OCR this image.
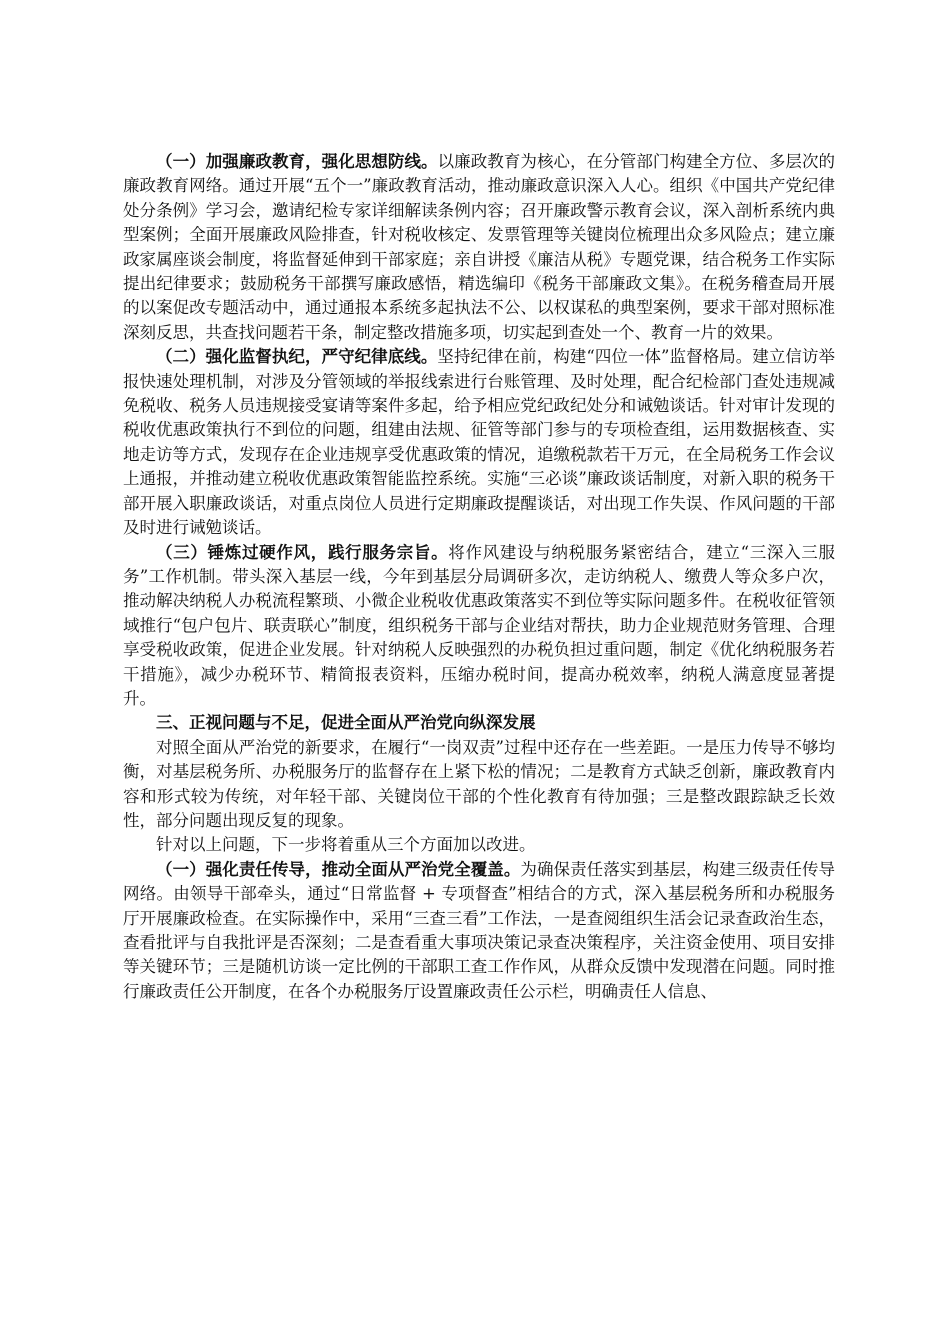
（一）加强廉政教育，强化思想防线。以廉政教育为核心，在分管部门构建全方位、多层次的廉政教育网络。通过开展“五个一”廉政教育活动，推动廉政意识深入人心。组织《中国共产党纪律处分条例》学习会，邀请纪检专家详细解读条例内容；召开廉政警示教育会议，深入剖析系统内典型案例；全面开展廉政风险排查，针对税收核定、发票管理等关键岗位梳理出众多风险点；建立廉政家属座谈会制度，将监督延伸到干部家庭；亲自讲授《廉洁从税》专题党课，结合税务工作实际提出纪律要求；鼓励税务干部撰写廉政感悟，精选编印《税务干部廉政文集》。在税务稽查局开展的以案促改专题活动中，通过通报本系统多起执法不公、以权谋私的典型案例，要求干部对照标准深刻反思，共查找问题若干条，制定整改措施多项，切实起到查处一个、教育一片的效果。

（二）强化监督执纪，严守纪律底线。坚持纪律在前，构建“四位一体”监督格局。建立信访举报快速处理机制，对涉及分管领域的举报线索进行台账管理、及时处理，配合纪检部门查处违规减免税收、税务人员违规接受宴请等案件多起，给予相应党纪政纪处分和诫勉谈话。针对审计发现的税收优惠政策执行不到位的问题，组建由法规、征管等部门参与的专项检查组，运用数据核查、实地走访等方式，发现存在企业违规享受优惠政策的情况，追缴税款若干万元，在全局税务工作会议上通报，并推动建立税收优惠政策智能监控系统。实施“三必谈”廉政谈话制度，对新入职的税务干部开展入职廉政谈话，对重点岗位人员进行定期廉政提醒谈话，对出现工作失误、作风问题的干部及时进行诫勉谈话。

（三）锤炼过硬作风，践行服务宗旨。将作风建设与纳税服务紧密结合，建立“三深入三服务”工作机制。带头深入基层一线，今年到基层分局调研多次，走访纳税人、缴费人等众多户次，推动解决纳税人办税流程繁琐、小微企业税收优惠政策落实不到位等实际问题多件。在税收征管领域推行“包户包片、联责联心”制度，组织税务干部与企业结对帮扶，助力企业规范财务管理、合理享受税收政策，促进企业发展。针对纳税人反映强烈的办税负担过重问题，制定《优化纳税服务若干措施》，减少办税环节、精简报表资料，压缩办税时间，提高办税效率，纳税人满意度显著提升。

三、正视问题与不足，促进全面从严治党向纵深发展

对照全面从严治党的新要求，在履行“一岗双责”过程中还存在一些差距。一是压力传导不够均衡，对基层税务所、办税服务厅的监督存在上紧下松的情况；二是教育方式缺乏创新，廉政教育内容和形式较为传统，对年轻干部、关键岗位干部的个性化教育有待加强；三是整改跟踪缺乏长效性，部分问题出现反复的现象。

针对以上问题，下一步将着重从三个方面加以改进。

（一）强化责任传导，推动全面从严治党全覆盖。为确保责任落实到基层，构建三级责任传导网络。由领导干部牵头，通过“日常监督 + 专项督查”相结合的方式，深入基层税务所和办税服务厅开展廉政检查。在实际操作中，采用“三查三看”工作法，一是查阅组织生活会记录查政治生态，查看批评与自我批评是否深刻；二是查看重大事项决策记录查决策程序，关注资金使用、项目安排等关键环节；三是随机访谈一定比例的干部职工查工作作风，从群众反馈中发现潜在问题。同时推行廉政责任公开制度，在各个办税服务厅设置廉政责任公示栏，明确责任人信息、
